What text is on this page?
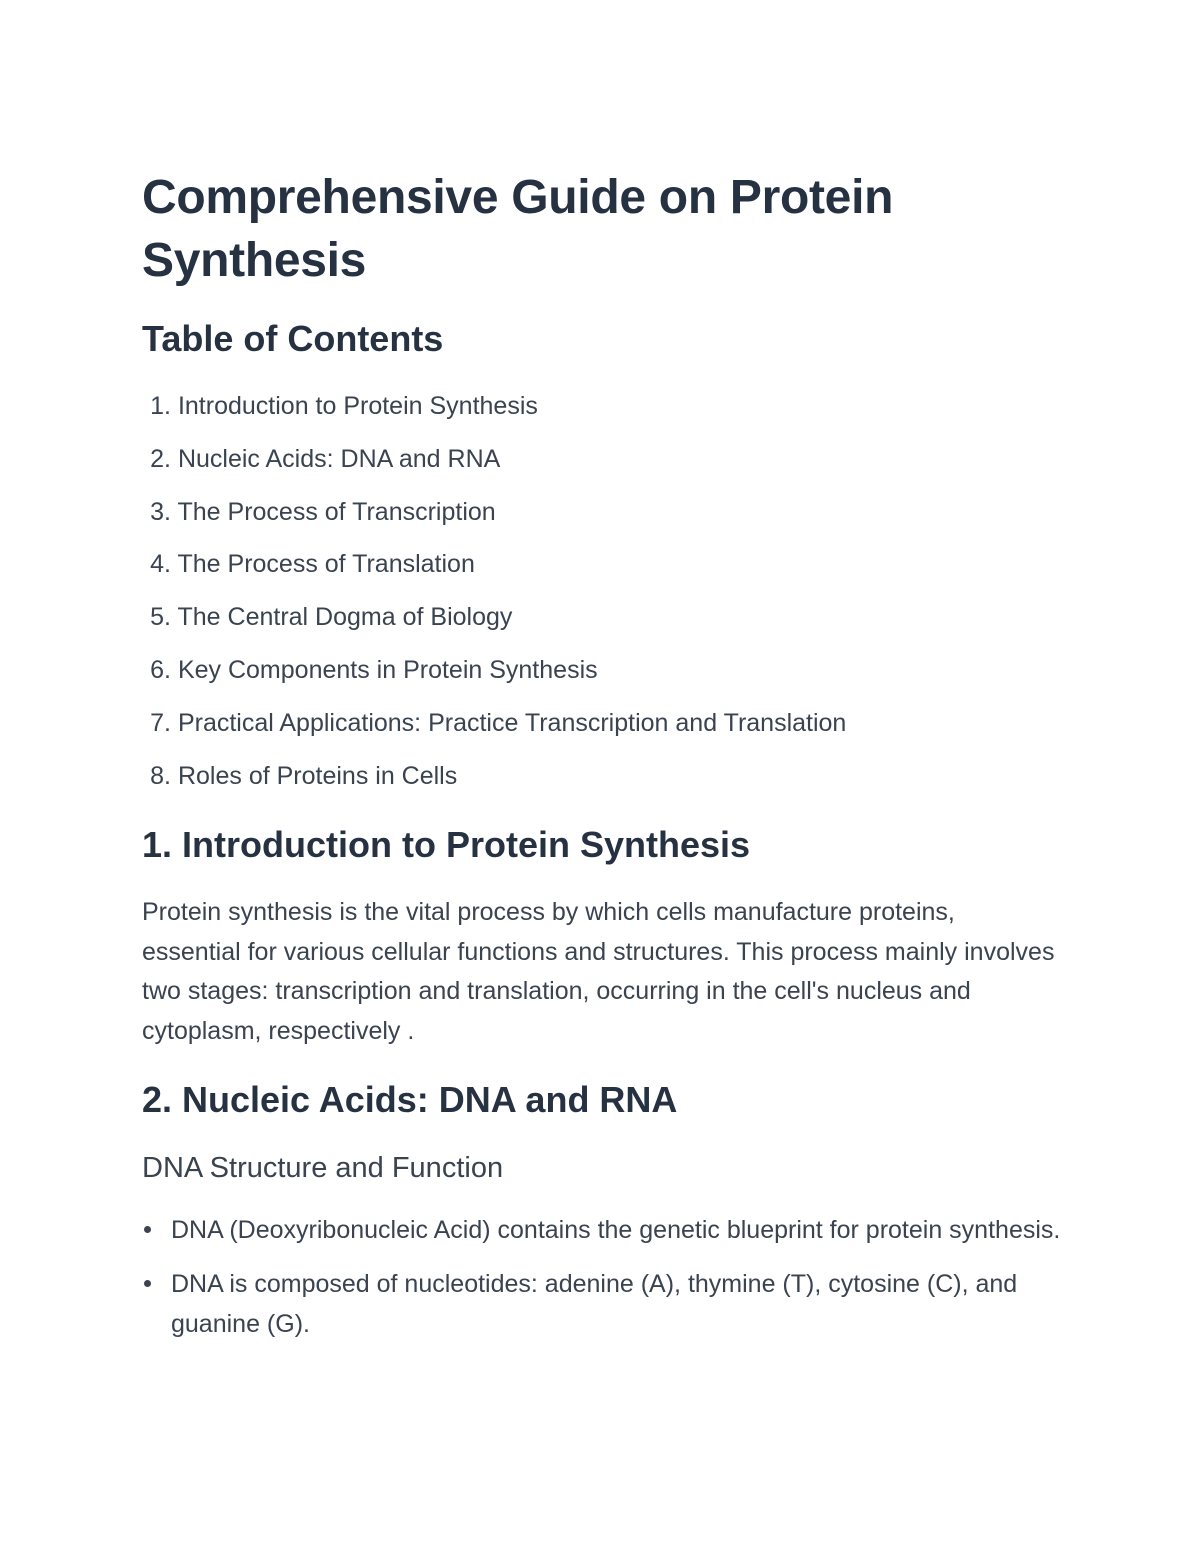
Comprehensive Guide on Protein Synthesis
Table of Contents
1. Introduction to Protein Synthesis
2. Nucleic Acids: DNA and RNA
3. The Process of Transcription
4. The Process of Translation
5. The Central Dogma of Biology
6. Key Components in Protein Synthesis
7. Practical Applications: Practice Transcription and Translation
8. Roles of Proteins in Cells
1. Introduction to Protein Synthesis

Protein synthesis is the vital process by which cells manufacture proteins, essential for various cellular functions and structures. This process mainly involves two stages: transcription and translation, occurring in the cell's nucleus and cytoplasm, respectively .

2. Nucleic Acids: DNA and RNA
DNA Structure and Function
DNA (Deoxyribonucleic Acid) contains the genetic blueprint for protein synthesis.
DNA is composed of nucleotides: adenine (A), thymine (T), cytosine (C), and guanine (G).
